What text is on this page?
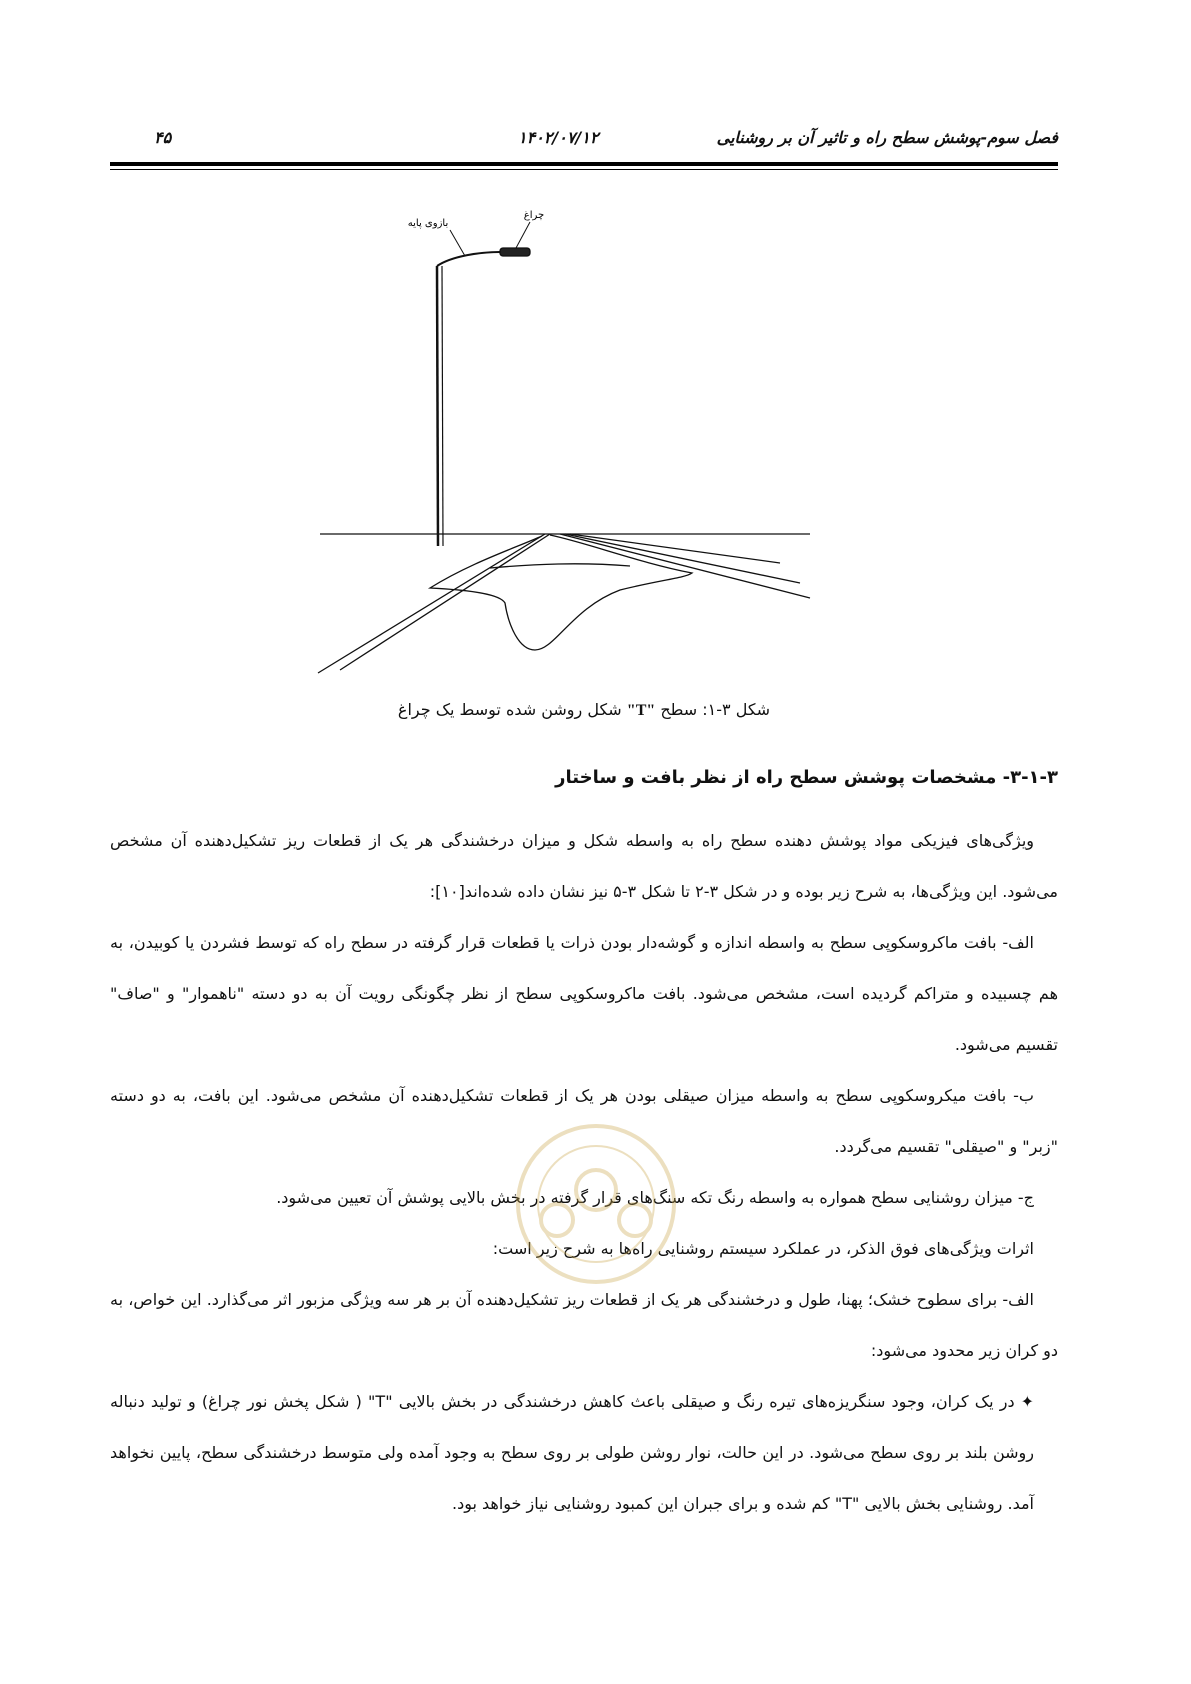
فصل سوم-پوشش سطح راه و تاثیر آن بر روشنایی
۱۴۰۲/۰۷/۱۲
۴۵
بازوی پایه
چراغ
شکل ۳-۱: سطح "T" شکل روشن شده توسط یک چراغ
۳-۱-۳- مشخصات پوشش سطح راه از نظر بافت و ساختار

ویژگی‌های فیزیکی مواد پوشش دهنده سطح راه به واسطه شکل و میزان درخشندگی هر یک از قطعات ریز تشکیل‌دهنده آن مشخص می‌شود. این ویژگی‌ها، به شرح زیر بوده و در شکل ۳-۲ تا شکل ۳-۵ نیز نشان داده شده‌اند[۱۰]:

الف- بافت ماکروسکوپی سطح به واسطه اندازه و گوشه‌دار بودن ذرات یا قطعات قرار گرفته در سطح راه که توسط فشردن یا کوبیدن، به هم چسبیده و متراکم گردیده است، مشخص می‌شود. بافت ماکروسکوپی سطح از نظر چگونگی رویت آن به دو دسته "ناهموار" و "صاف" تقسیم می‌شود.

ب- بافت میکروسکوپی سطح به واسطه میزان صیقلی بودن هر یک از قطعات تشکیل‌دهنده آن مشخص می‌شود. این بافت، به دو دسته "زبر" و "صیقلی" تقسیم می‌گردد.

ج- میزان روشنایی سطح همواره به واسطه رنگ تکه سنگ‌های قرار گرفته در بخش بالایی پوشش آن تعیین می‌شود.

اثرات ویژگی‌های فوق الذکر، در عملکرد سیستم روشنایی راه‌ها به شرح زیر است:

الف- برای سطوح خشک؛ پهنا، طول و درخشندگی هر یک از قطعات ریز تشکیل‌دهنده آن بر هر سه ویژگی مزبور اثر می‌گذارد. این خواص، به دو کران زیر محدود می‌شود:

✦در یک کران، وجود سنگریزه‌های تیره رنگ و صیقلی باعث کاهش درخشندگی در بخش بالایی "T" ( شکل پخش نور چراغ) و تولید دنباله روشن بلند بر روی سطح می‌شود. در این حالت، نوار روشن طولی بر روی سطح به وجود آمده ولی متوسط درخشندگی سطح، پایین نخواهد آمد. روشنایی بخش بالایی "T" کم شده و برای جبران این کمبود روشنایی نیاز خواهد بود.
